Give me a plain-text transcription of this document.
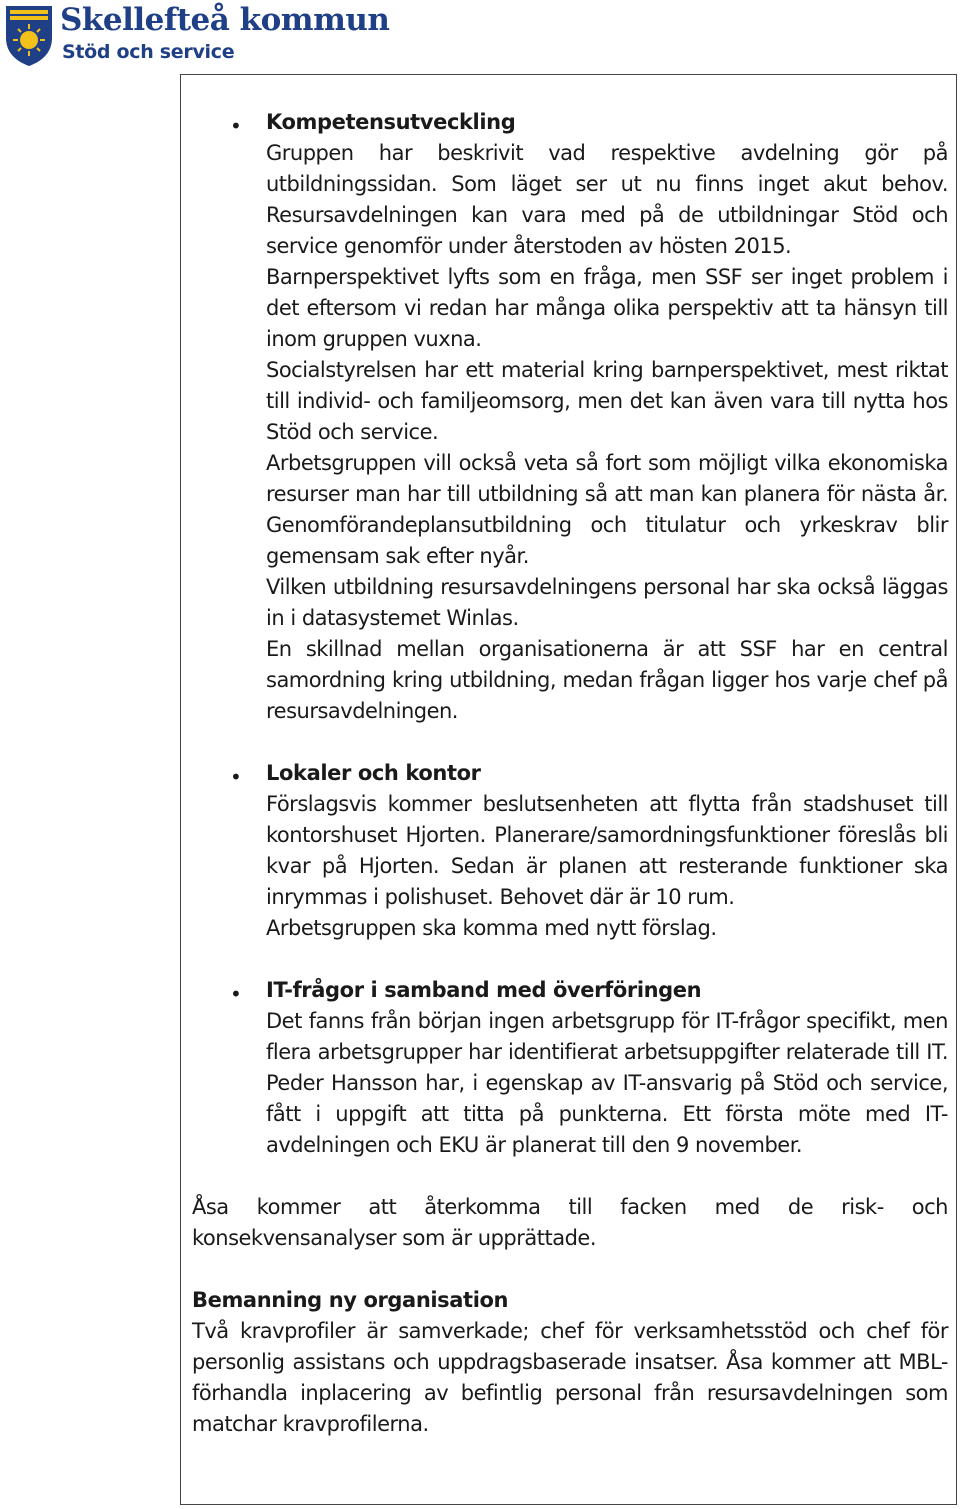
Skellefteå kommun
Stöd och service
• Kompetensutveckling

Gruppen har beskrivit vad respektive avdelning gör på utbildningssidan. Som läget ser ut nu finns inget akut behov. Resursavdelningen kan vara med på de utbildningar Stöd och service genomför under återstoden av hösten 2015.

Barnperspektivet lyfts som en fråga, men SSF ser inget problem i det eftersom vi redan har många olika perspektiv att ta hänsyn till inom gruppen vuxna.

Socialstyrelsen har ett material kring barnperspektivet, mest riktat till individ- och familjeomsorg, men det kan även vara till nytta hos Stöd och service.

Arbetsgruppen vill också veta så fort som möjligt vilka ekonomiska resurser man har till utbildning så att man kan planera för nästa år. Genomförandeplansutbildning och titulatur och yrkeskrav blir gemensam sak efter nyår.

Vilken utbildning resursavdelningens personal har ska också läggas in i datasystemet Winlas.

En skillnad mellan organisationerna är att SSF har en central samordning kring utbildning, medan frågan ligger hos varje chef på resursavdelningen.

• Lokaler och kontor

Förslagsvis kommer beslutsenheten att flytta från stadshuset till kontorshuset Hjorten. Planerare/samordningsfunktioner föreslås bli kvar på Hjorten. Sedan är planen att resterande funktioner ska inrymmas i polishuset. Behovet där är 10 rum.

Arbetsgruppen ska komma med nytt förslag.

• IT-frågor i samband med överföringen

Det fanns från början ingen arbetsgrupp för IT-frågor specifikt, men flera arbetsgrupper har identifierat arbetsuppgifter relaterade till IT. Peder Hansson har, i egenskap av IT-ansvarig på Stöd och service, fått i uppgift att titta på punkterna. Ett första möte med IT-avdelningen och EKU är planerat till den 9 november.

Åsa kommer att återkomma till facken med de risk- och konsekvensanalyser som är upprättade.

Bemanning ny organisation

Två kravprofiler är samverkade; chef för verksamhetsstöd och chef för personlig assistans och uppdragsbaserade insatser. Åsa kommer att MBL-förhandla inplacering av befintlig personal från resursavdelningen som matchar kravprofilerna.
